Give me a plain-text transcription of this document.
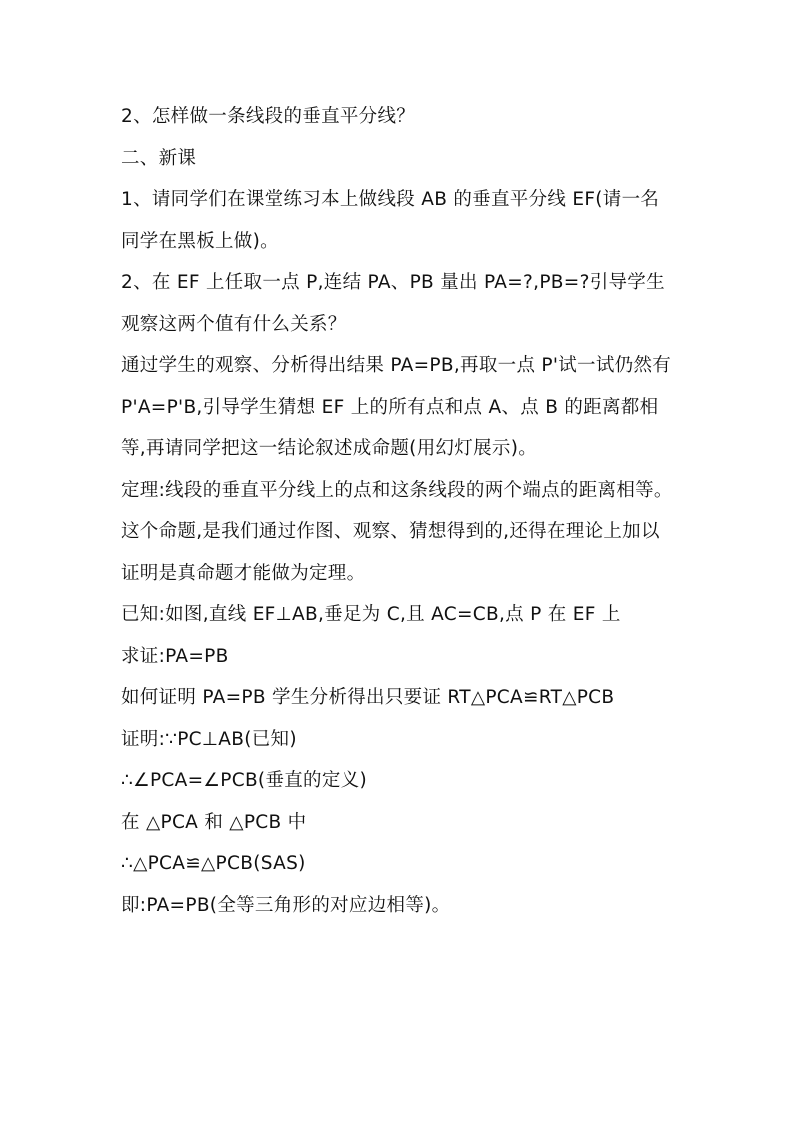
2、怎样做一条线段的垂直平分线？

二、新课

1、请同学们在课堂练习本上做线段 AB 的垂直平分线 EF(请一名同学在黑板上做)。

2、在 EF 上任取一点 P,连结 PA、PB 量出 PA=?,PB=?引导学生观察这两个值有什么关系？

通过学生的观察、分析得出结果 PA=PB,再取一点 P'试一试仍然有 P'A=P'B,引导学生猜想 EF 上的所有点和点 A、点 B 的距离都相等,再请同学把这一结论叙述成命题(用幻灯展示)。

定理:线段的垂直平分线上的点和这条线段的两个端点的距离相等。

这个命题,是我们通过作图、观察、猜想得到的,还得在理论上加以证明是真命题才能做为定理。

已知:如图,直线 EF⊥AB,垂足为 C,且 AC=CB,点 P 在 EF 上

求证:PA=PB

如何证明 PA=PB 学生分析得出只要证 RT△PCA≌RT△PCB

证明:∵PC⊥AB(已知)

∴∠PCA=∠PCB(垂直的定义)

在 △PCA 和 △PCB 中

∴△PCA≌△PCB(SAS)

即:PA=PB(全等三角形的对应边相等)。
